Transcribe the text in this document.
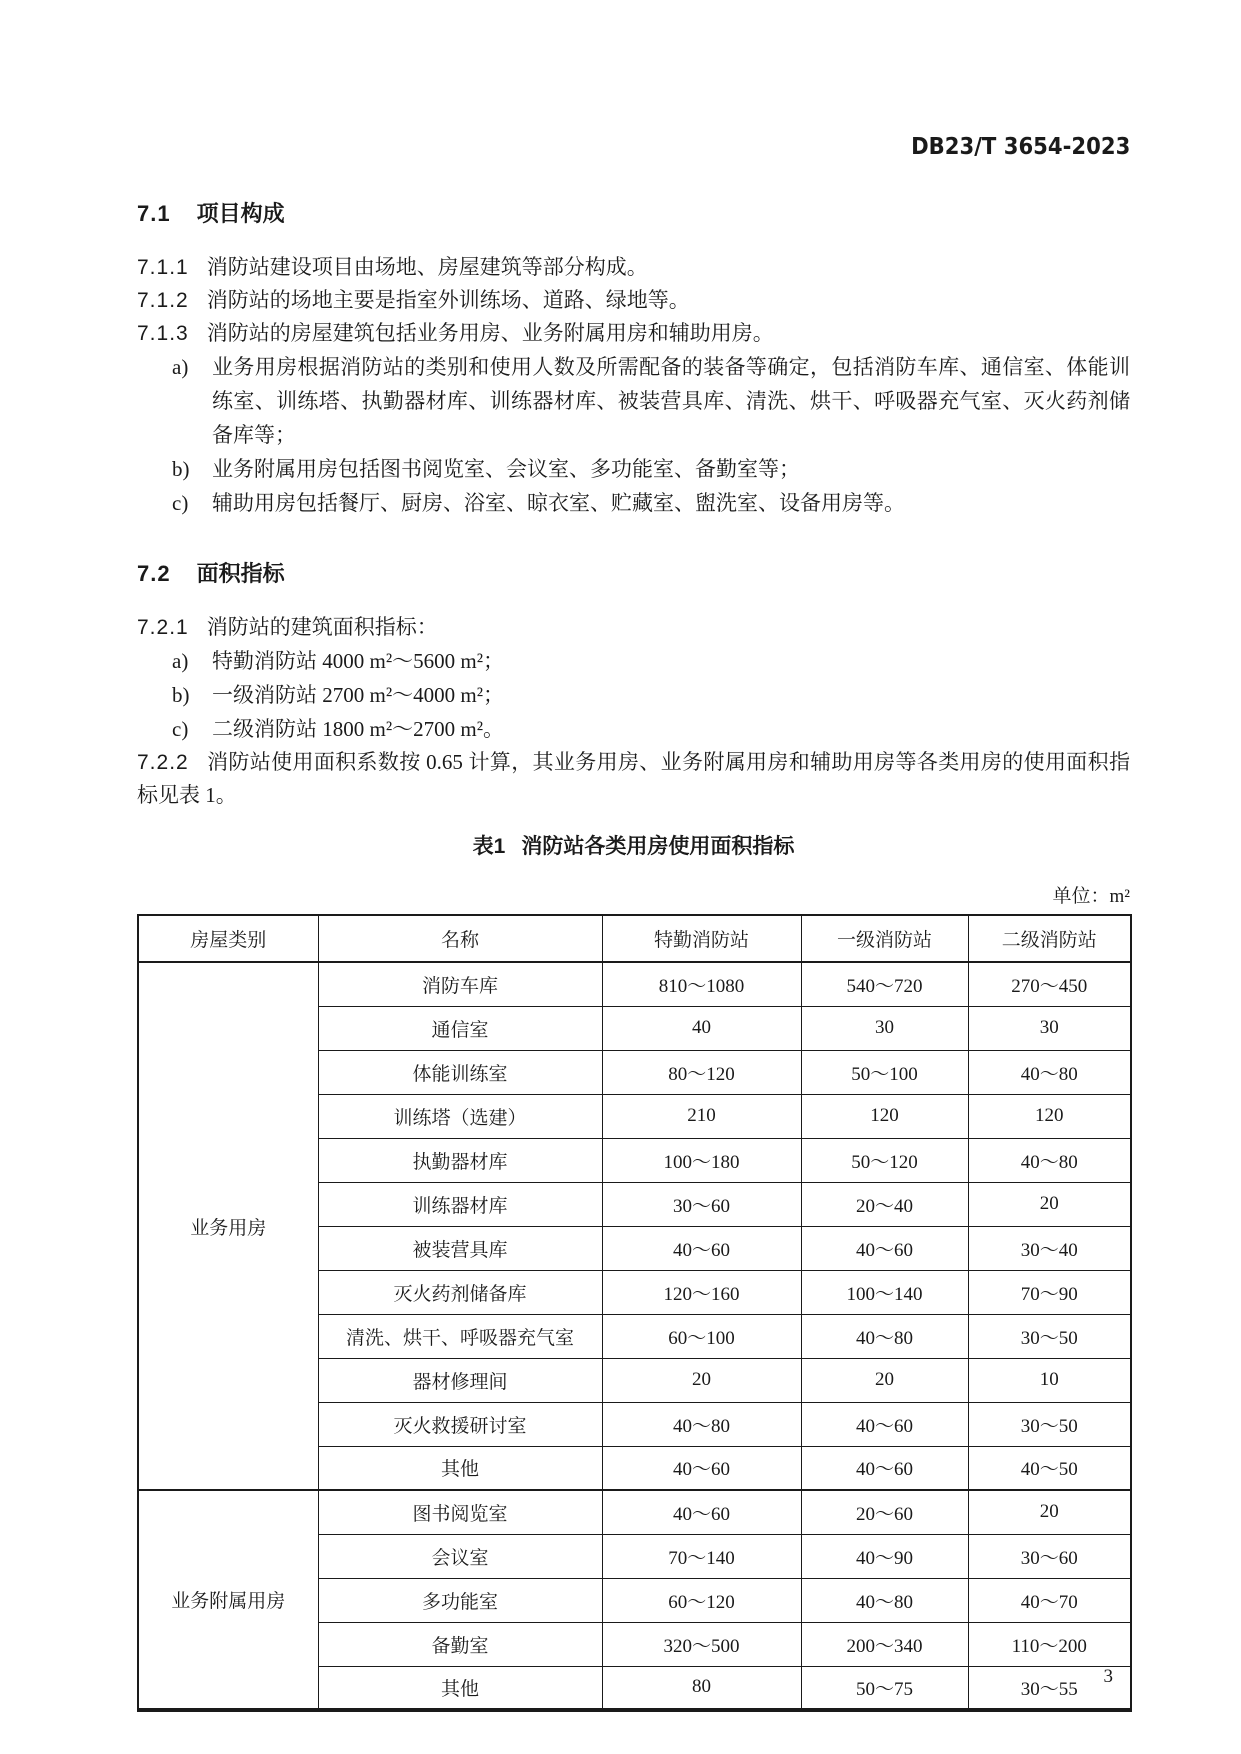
DB23/T 3654-2023
7.1 项目构成

7.1.1 消防站建设项目由场地、房屋建筑等部分构成。

7.1.2 消防站的场地主要是指室外训练场、道路、绿地等。

7.1.3 消防站的房屋建筑包括业务用房、业务附属用房和辅助用房。

a)	业务用房根据消防站的类别和使用人数及所需配备的装备等确定，包括消防车库、通信室、体能训练室、训练塔、执勤器材库、训练器材库、被装营具库、清洗、烘干、呼吸器充气室、灭火药剂储备库等；
b)	业务附属用房包括图书阅览室、会议室、多功能室、备勤室等；
c)	辅助用房包括餐厅、厨房、浴室、晾衣室、贮藏室、盥洗室、设备用房等。
7.2 面积指标

7.2.1 消防站的建筑面积指标：

a)	特勤消防站 4000 m²～5600 m²；
b)	一级消防站 2700 m²～4000 m²；
c)	二级消防站 1800 m²～2700 m²。

7.2.2 消防站使用面积系数按 0.65 计算，其业务用房、业务附属用房和辅助用房等各类用房的使用面积指标见表 1。

表1 消防站各类用房使用面积指标
单位：m²
房屋类别	名称	特勤消防站	一级消防站	二级消防站
业务用房	消防车库	810～1080	540～720	270～450
	通信室	40	30	30
	体能训练室	80～120	50～100	40～80
	训练塔（选建）	210	120	120
	执勤器材库	100～180	50～120	40～80
	训练器材库	30～60	20～40	20
	被装营具库	40～60	40～60	30～40
	灭火药剂储备库	120～160	100～140	70～90
	清洗、烘干、呼吸器充气室	60～100	40～80	30～50
	器材修理间	20	20	10
	灭火救援研讨室	40～80	40～60	30～50
	其他	40～60	40～60	40～50
业务附属用房	图书阅览室	40～60	20～60	20
	会议室	70～140	40～90	30～60
	多功能室	60～120	40～80	40～70
	备勤室	320～500	200～340	110～200
	其他	80	50～75	30～55
3
